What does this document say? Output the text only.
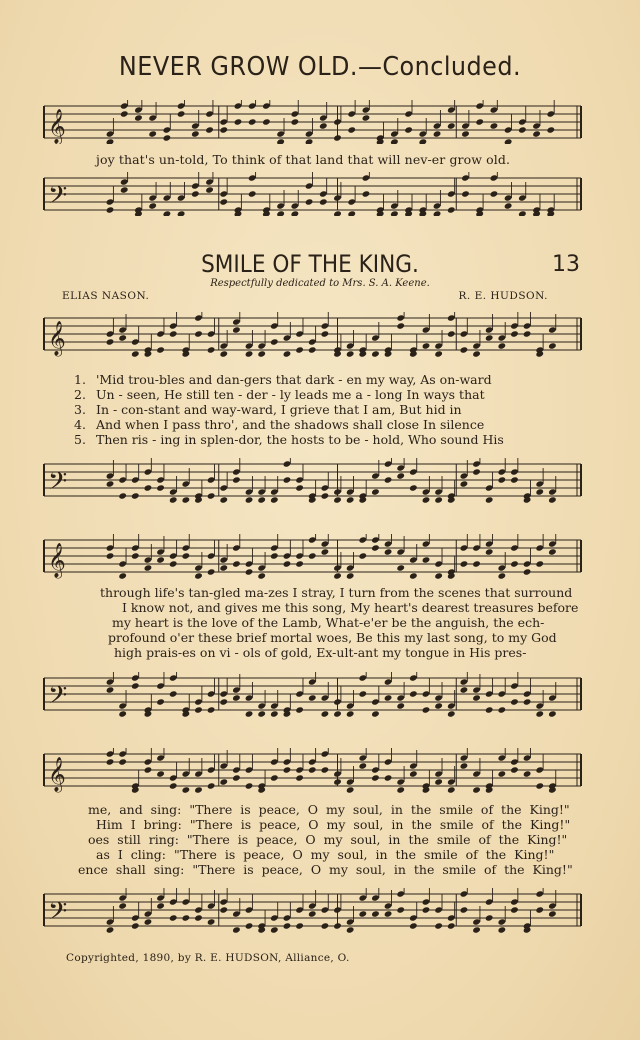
NEVER GROW OLD.—Concluded.
𝄞
joy that's un-told, To think of that land that will nev-er grow old.
𝄢
SMILE OF THE KING.	13
Respectfully dedicated to Mrs. S. A. Keene.
ELIAS NASON.	R. E. HUDSON.
𝄞
1. 'Mid trou-bles and dan-gers that dark - en my way, As on-ward
2. Un - seen, He still ten - der - ly leads me a - long In ways that
3. In - con-stant and way-ward, I grieve that I am, But hid in
4. And when I pass thro', and the shadows shall close In silence
5. Then ris - ing in splen-dor, the hosts to be - hold, Who sound His
𝄢
𝄞
through life's tan-gled ma-zes I stray, I turn from the scenes that surround
I know not, and gives me this song, My heart's dearest treasures before
my heart is the love of the Lamb, What-e'er be the anguish, the ech-
profound o'er these brief mortal woes, Be this my last song, to my God
high prais-es on vi - ols of gold, Ex-ult-ant my tongue in His pres-
𝄢
𝄞
me, and sing: "There is peace, O my soul, in the smile of the King!"
Him I bring: "There is peace, O my soul, in the smile of the King!"
oes still ring: "There is peace, O my soul, in the smile of the King!"
as I cling: "There is peace, O my soul, in the smile of the King!"
ence shall sing: "There is peace, O my soul, in the smile of the King!"
𝄢
Copyrighted, 1890, by R. E. HUDSON, Alliance, O.
